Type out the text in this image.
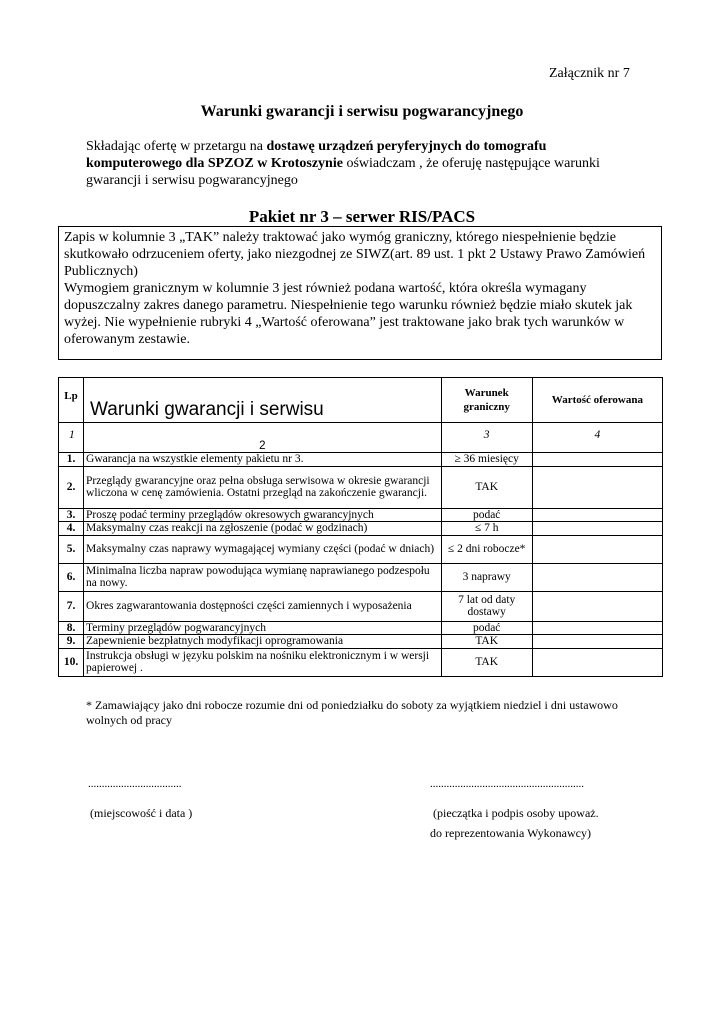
Załącznik nr 7
Warunki gwarancji i serwisu pogwarancyjnego
Składając ofertę w przetargu na dostawę urządzeń peryferyjnych do tomografu komputerowego dla SPZOZ w Krotoszynie oświadczam , że oferuję następujące warunki gwarancji i serwisu pogwarancyjnego
Pakiet nr 3 – serwer RIS/PACS

Zapis w kolumnie 3 „TAK” należy traktować jako wymóg graniczny, którego niespełnienie będzie skutkowało odrzuceniem oferty, jako niezgodnej ze SIWZ(art. 89 ust. 1 pkt 2 Ustawy Prawo Zamówień Publicznych)

Wymogiem granicznym w kolumnie 3 jest również podana wartość, która określa wymagany dopuszczalny zakres danego parametru. Niespełnienie tego warunku również będzie miało skutek jak wyżej. Nie wypełnienie rubryki 4 „Wartość oferowana” jest traktowane jako brak tych warunków w oferowanym zestawie.

Lp	Warunki gwarancji i serwisu	Warunek graniczny	Wartość oferowana
1	2	3	4
1.	Gwarancja na wszystkie elementy pakietu nr 3.	≥ 36 miesięcy	
2.	Przeglądy gwarancyjne oraz pełna obsługa serwisowa w okresie gwarancji wliczona w cenę zamówienia. Ostatni przegląd na zakończenie gwarancji.	TAK	
3.	Proszę podać terminy przeglądów okresowych gwarancyjnych	podać	
4.	Maksymalny czas reakcji na zgłoszenie (podać w godzinach)	≤ 7 h	
5.	Maksymalny czas naprawy wymagającej wymiany części (podać w dniach)	≤ 2 dni robocze*	
6.	Minimalna liczba napraw powodująca wymianę naprawianego podzespołu na nowy.	3 naprawy	
7.	Okres zagwarantowania dostępności części zamiennych i wyposażenia	7 lat od daty dostawy	
8.	Terminy przeglądów pogwarancyjnych	podać	
9.	Zapewnienie bezpłatnych modyfikacji oprogramowania	TAK	
10.	Instrukcja obsługi w języku polskim na nośniku elektronicznym i w wersji papierowej .	TAK	
* Zamawiający jako dni robocze rozumie dni od poniedziałku do soboty za wyjątkiem niedziel i dni ustawowo wolnych od pracy
..................................	........................................................
(miejscowość i data )	(pieczątka i podpis osoby upoważ.
do reprezentowania Wykonawcy)
